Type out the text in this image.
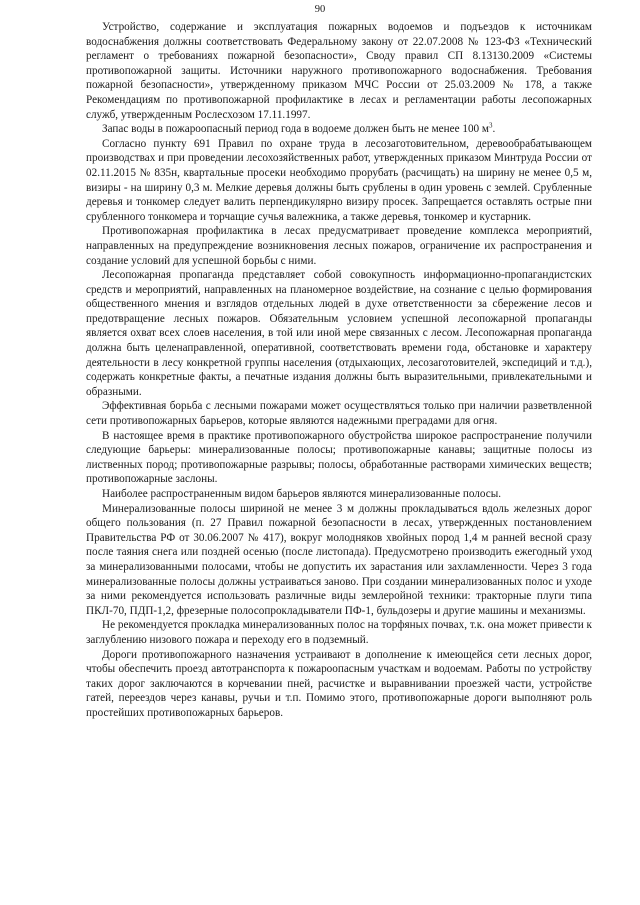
90

Устройство, содержание и эксплуатация пожарных водоемов и подъездов к источникам водоснабжения должны соответствовать Федеральному закону от 22.07.2008 № 123-ФЗ «Технический регламент о требованиях пожарной безопасности», Своду правил СП 8.13130.2009 «Системы противопожарной защиты. Источники наружного противопожарного водоснабжения. Требования пожарной безопасности», утвержденному приказом МЧС России от 25.03.2009 № 178, а также Рекомендациям по противопожарной профилактике в лесах и регламентации работы лесопожарных служб, утвержденным Рослесхозом 17.11.1997.

Запас воды в пожароопасный период года в водоеме должен быть не менее 100 $м^3$.

Согласно пункту 691 Правил по охране труда в лесозаготовительном, деревообрабатывающем производствах и при проведении лесохозяйственных работ, утвержденных приказом Минтруда России от 02.11.2015 № 835н, квартальные просеки необходимо прорубать (расчищать) на ширину не менее 0,5 м, визиры - на ширину 0,3 м. Мелкие деревья должны быть срублены в один уровень с землей. Срубленные деревья и тонкомер следует валить перпендикулярно визиру просек. Запрещается оставлять острые пни срубленного тонкомера и торчащие сучья валежника, а также деревья, тонкомер и кустарник.

Противопожарная профилактика в лесах предусматривает проведение комплекса мероприятий, направленных на предупреждение возникновения лесных пожаров, ограничение их распространения и создание условий для успешной борьбы с ними.

Лесопожарная пропаганда представляет собой совокупность информационно-пропагандистских средств и мероприятий, направленных на планомерное воздействие, на сознание с целью формирования общественного мнения и взглядов отдельных людей в духе ответственности за сбережение лесов и предотвращение лесных пожаров. Обязательным условием успешной лесопожарной пропаганды является охват всех слоев населения, в той или иной мере связанных с лесом. Лесопожарная пропаганда должна быть целенаправленной, оперативной, соответствовать времени года, обстановке и характеру деятельности в лесу конкретной группы населения (отдыхающих, лесозаготовителей, экспедиций и т.д.), содержать конкретные факты, а печатные издания должны быть выразительными, привлекательными и образными.

Эффективная борьба с лесными пожарами может осуществляться только при наличии разветвленной сети противопожарных барьеров, которые являются надежными преградами для огня.

В настоящее время в практике противопожарного обустройства широкое распространение получили следующие барьеры: минерализованные полосы; противопожарные канавы; защитные полосы из лиственных пород; противопожарные разрывы; полосы, обработанные растворами химических веществ; противопожарные заслоны.

Наиболее распространенным видом барьеров являются минерализованные полосы.

Минерализованные полосы шириной не менее 3 м должны прокладываться вдоль железных дорог общего пользования (п. 27 Правил пожарной безопасности в лесах, утвержденных постановлением Правительства РФ от 30.06.2007 № 417), вокруг молодняков хвойных пород 1,4 м ранней весной сразу после таяния снега или поздней осенью (после листопада). Предусмотрено производить ежегодный уход за минерализованными полосами, чтобы не допустить их зарастания или захламленности. Через 3 года минерализованные полосы должны устраиваться заново. При создании минерализованных полос и уходе за ними рекомендуется использовать различные виды землеройной техники: тракторные плуги типа ПКЛ-70, ПДП-1,2, фрезерные полосопрокладыватели ПФ-1, бульдозеры и другие машины и механизмы.

Не рекомендуется прокладка минерализованных полос на торфяных почвах, т.к. она может привести к заглублению низового пожара и переходу его в подземный.

Дороги противопожарного назначения устраивают в дополнение к имеющейся сети лесных дорог, чтобы обеспечить проезд автотранспорта к пожароопасным участкам и водоемам. Работы по устройству таких дорог заключаются в корчевании пней, расчистке и выравнивании проезжей части, устройстве гатей, переездов через канавы, ручьи и т.п. Помимо этого, противопожарные дороги выполняют роль простейших противопожарных барьеров.
